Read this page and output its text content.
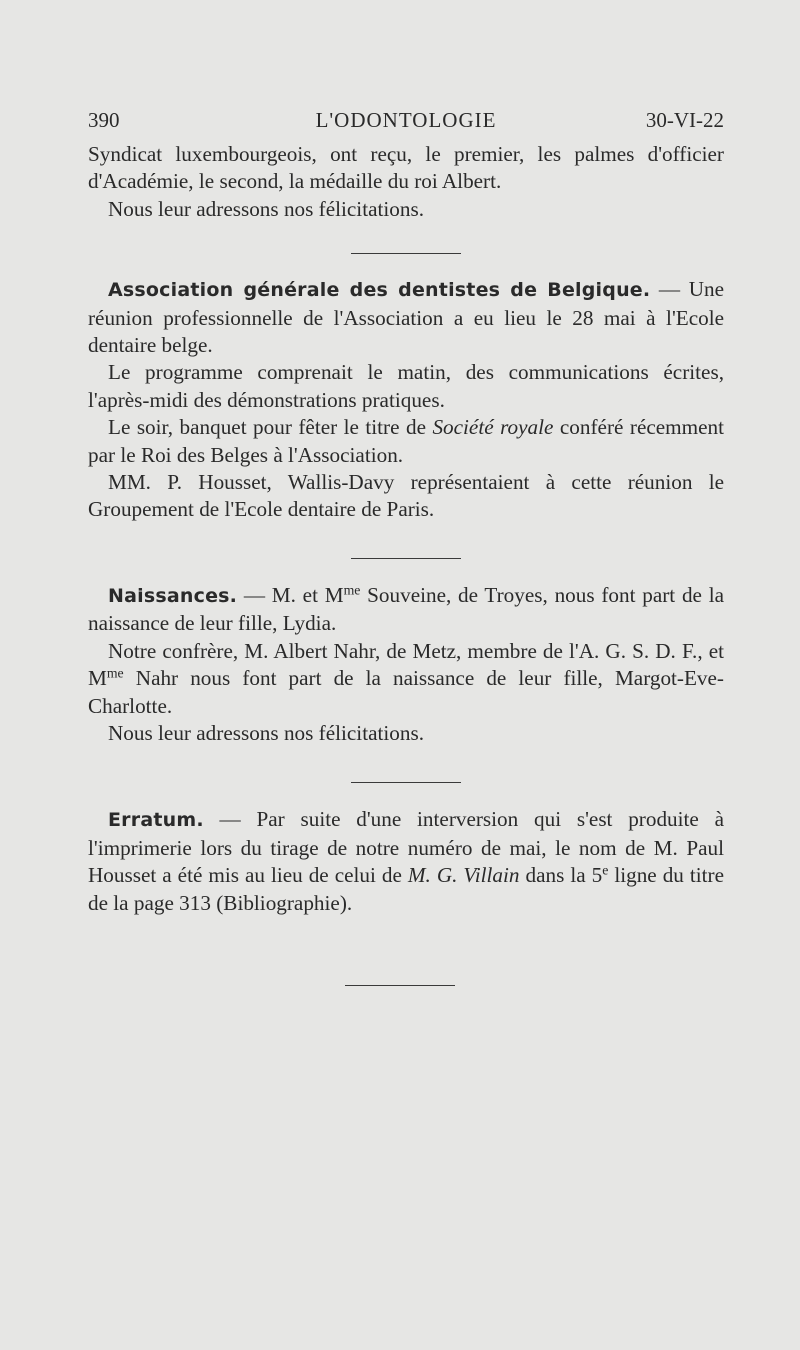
390	L'ODONTOLOGIE	30-VI-22

Syndicat luxembourgeois, ont reçu, le premier, les palmes d'officier d'Académie, le second, la médaille du roi Albert.

Nous leur adressons nos félicitations.

Association générale des dentistes de Belgique. — Une réunion professionnelle de l'Association a eu lieu le 28 mai à l'Ecole dentaire belge.

Le programme comprenait le matin, des communications écrites, l'après-midi des démonstrations pratiques.

Le soir, banquet pour fêter le titre de Société royale conféré récemment par le Roi des Belges à l'Association.

MM. P. Housset, Wallis-Davy représentaient à cette réunion le Groupement de l'Ecole dentaire de Paris.

Naissances. — M. et $M^{me}$ Souveine, de Troyes, nous font part de la naissance de leur fille, Lydia.

Notre confrère, M. Albert Nahr, de Metz, membre de l'A. G. S. D. F., et $M^{me}$ Nahr nous font part de la naissance de leur fille, Margot-Eve-Charlotte.

Nous leur adressons nos félicitations.

Erratum. — Par suite d'une interversion qui s'est produite à l'imprimerie lors du tirage de notre numéro de mai, le nom de M. Paul Housset a été mis au lieu de celui de M. G. Villain dans la 5e ligne du titre de la page 313 (Bibliographie).
